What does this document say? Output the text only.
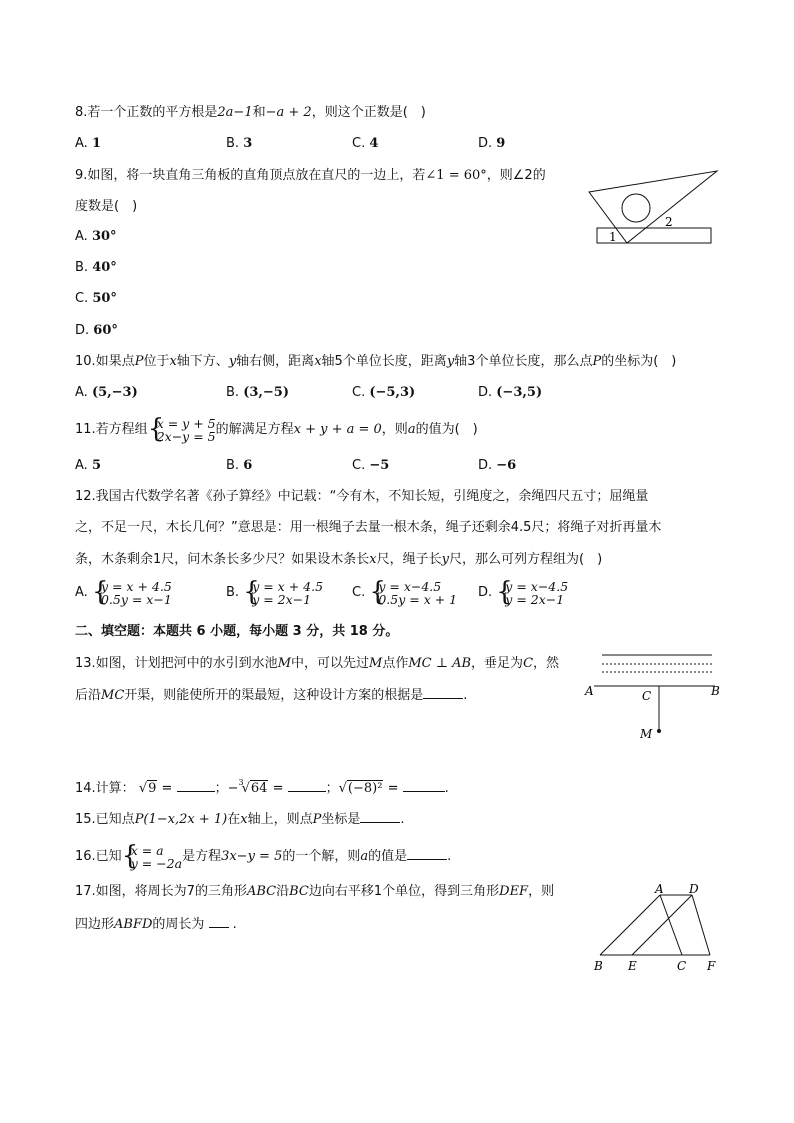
8.若一个正数的平方根是2a−1和−a + 2，则这个正数是(　)
A. 1	B. 3	C. 4	D. 9
9.如图，将一块直角三角板的直角顶点放在直尺的一边上，若∠1 = 60°，则∠2的
度数是(　)
A. 30°
B. 40°
C. 50°
D. 60°
1
2
10.如果点P位于x轴下方、y轴右侧，距离x轴5个单位长度，距离y轴3个单位长度，那么点P的坐标为(　)
A. (5,−3)	B. (3,−5)	C. (−5,3)	D. (−3,5)
11.若方程组 { x = y + 5
2x−y = 5 的解满足方程x + y + a = 0，则a的值为(　)
A. 5	B. 6	C. −5	D. −6
12.我国古代数学名著《孙子算经》中记载：“今有木，不知长短，引绳度之，余绳四尺五寸；屈绳量
之，不足一尺，木长几何？”意思是：用一根绳子去量一根木条，绳子还剩余4.5尺；将绳子对折再量木
条，木条剩余1尺，问木条长多少尺？如果设木条长x尺，绳子长y尺，那么可列方程组为(　)
A. { y = x + 4.5
0.5y = x−1	B. { y = x + 4.5
y = 2x−1	C. { y = x−4.5
0.5y = x + 1 D. { y = x−4.5
y = 2x−1
二、填空题：本题共 6 小题，每小题 3 分，共 18 分。
13.如图，计划把河中的水引到水池M中，可以先过M点作MC ⊥ AB，垂足为C，然
后沿MC开渠，则能使所开的渠最短，这种设计方案的根据是	.	A	B
C
M
14.计算： √9 =	；−$^3$√64 =	；√(−8)² =	.
15.已知点P(1−x,2x + 1)在x轴上，则点P坐标是	.
16.已知 { x = a
y = −2a 是方程3x−y = 5的一个解，则a的值是	.
17.如图，将周长为7的三角形ABC沿BC边向右平移1个单位，得到三角形DEF，则
四边形ABFD的周长为  .
A D
B E	C F
